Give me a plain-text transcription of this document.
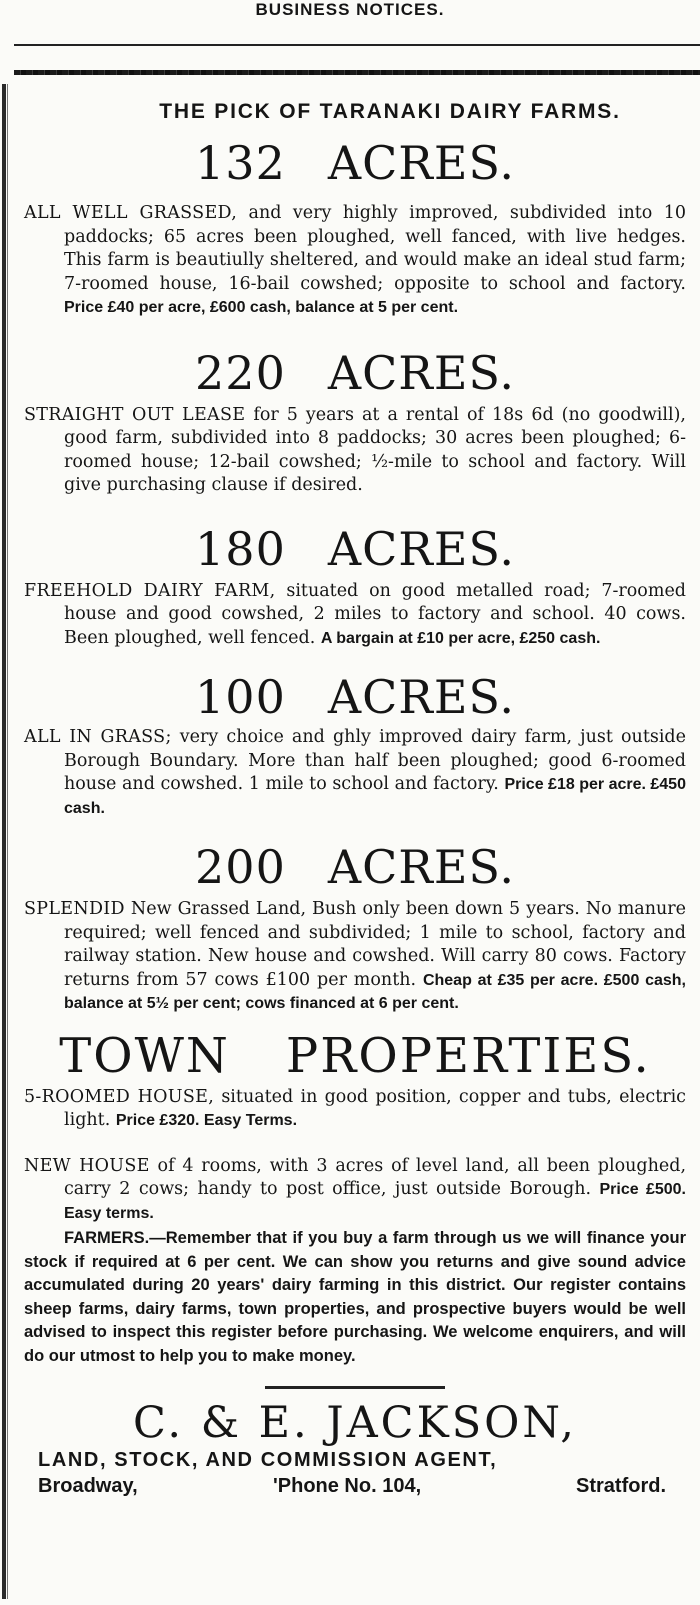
BUSINESS NOTICES.
THE PICK OF TARANAKI DAIRY FARMS.
132 ACRES.

ALL WELL GRASSED, and very highly improved, subdivided into 10 paddocks; 65 acres been ploughed, well fanced, with live hedges. This farm is beautiully sheltered, and would make an ideal stud farm; 7-roomed house, 16-bail cowshed; opposite to school and factory. Price £40 per acre, £600 cash, balance at 5 per cent.

220 ACRES.

STRAIGHT OUT LEASE for 5 years at a rental of 18s 6d (no goodwill), good farm, subdivided into 8 paddocks; 30 acres been ploughed; 6-roomed house; 12-bail cowshed; ½-mile to school and factory. Will give purchasing clause if desired.

180 ACRES.

FREEHOLD DAIRY FARM, situated on good metalled road; 7-roomed house and good cowshed, 2 miles to factory and school. 40 cows. Been ploughed, well fenced. A bargain at £10 per acre, £250 cash.

100 ACRES.

ALL IN GRASS; very choice and ghly improved dairy farm, just outside Borough Boundary. More than half been ploughed; good 6-roomed house and cowshed. 1 mile to school and factory. Price £18 per acre. £450 cash.

200 ACRES.

SPLENDID New Grassed Land, Bush only been down 5 years. No manure required; well fenced and subdivided; 1 mile to school, factory and railway station. New house and cowshed. Will carry 80 cows. Factory returns from 57 cows £100 per month. Cheap at £35 per acre. £500 cash, balance at 5½ per cent; cows financed at 6 per cent.

TOWN PROPERTIES.

5-ROOMED HOUSE, situated in good position, copper and tubs, electric light. Price £320. Easy Terms.

NEW HOUSE of 4 rooms, with 3 acres of level land, all been ploughed, carry 2 cows; handy to post office, just outside Borough. Price £500. Easy terms.

FARMERS.—Remember that if you buy a farm through us we will finance your stock if required at 6 per cent. We can show you returns and give sound advice accumulated during 20 years' dairy farming in this district. Our register contains sheep farms, dairy farms, town properties, and prospective buyers would be well advised to inspect this register before purchasing. We welcome enquirers, and will do our utmost to help you to make money.

C. & E. JACKSON,
LAND, STOCK, AND COMMISSION AGENT,
Broadway,	'Phone No. 104,	Stratford.
